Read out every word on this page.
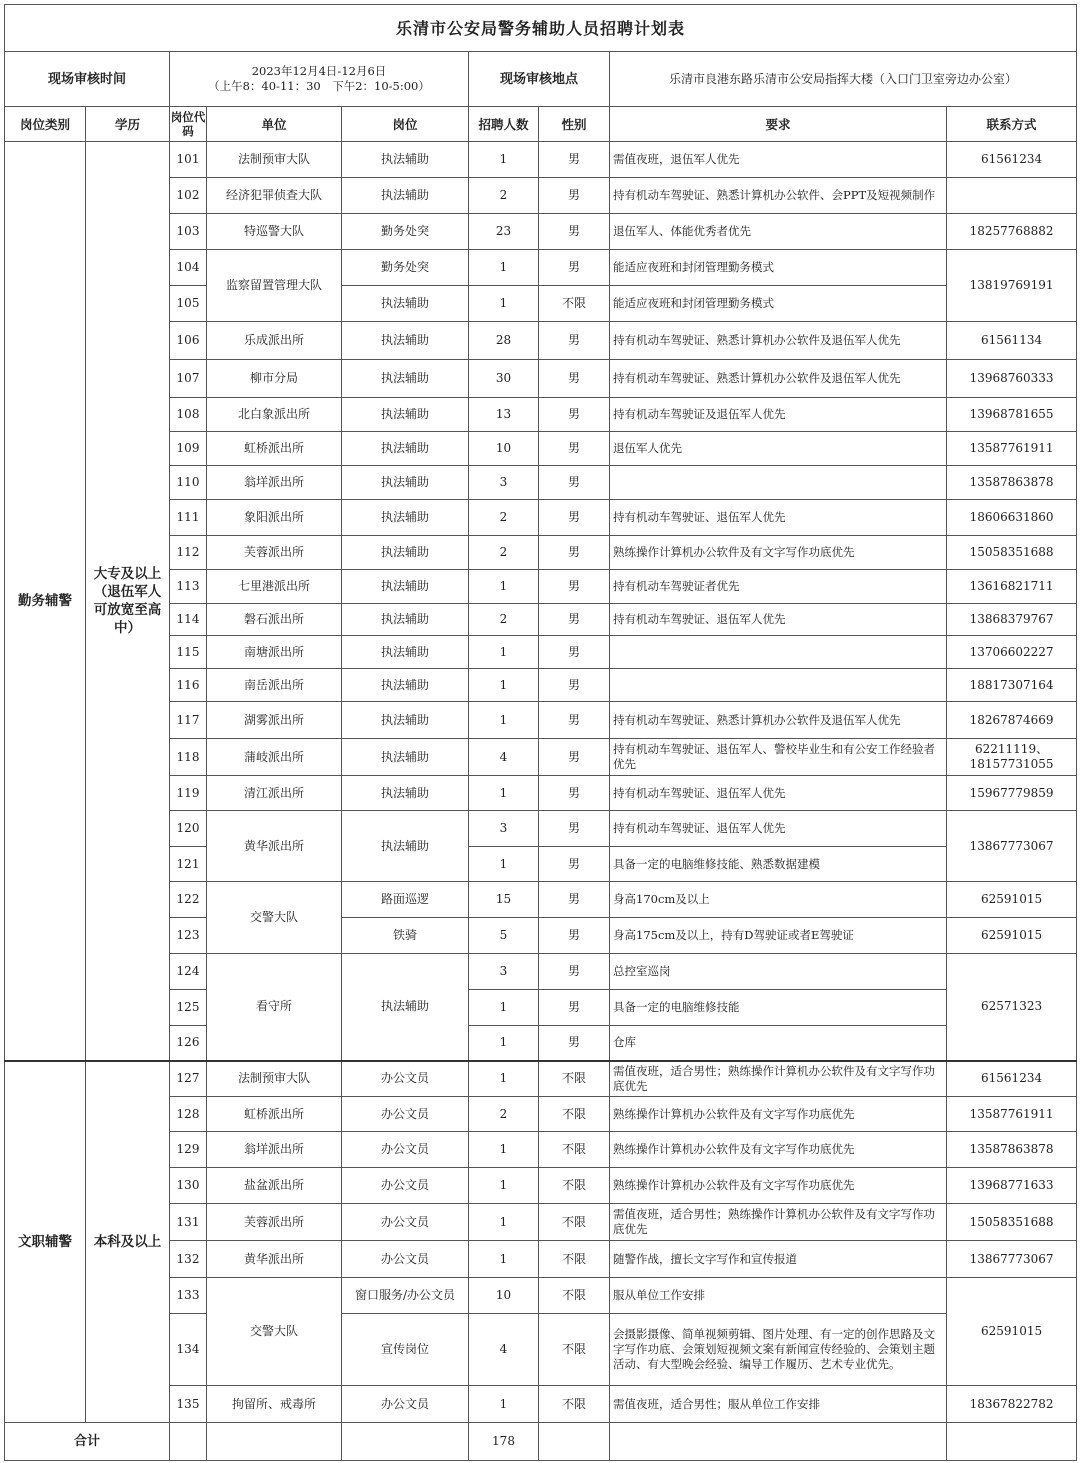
乐清市公安局警务辅助人员招聘计划表								
现场审核时间		2023年12月4日-12月6日
（上午8：40-11：30　下午2：10-5:00）			现场审核地点		乐清市良港东路乐清市公安局指挥大楼（入口门卫室旁边办公室）	
岗位类别	学历	岗位代码	单位	岗位	招聘人数	性别	要求	联系方式
勤务辅警	大专及以上（退伍军人可放宽至高中）	101	法制预审大队	执法辅助	1	男	需值夜班，退伍军人优先	61561234
		102	经济犯罪侦查大队	执法辅助	2	男	持有机动车驾驶证、熟悉计算机办公软件、会PPT及短视频制作	
		103	特巡警大队	勤务处突	23	男	退伍军人、体能优秀者优先	18257768882
		104	监察留置管理大队	勤务处突	1	男	能适应夜班和封闭管理勤务模式	13819769191
		105		执法辅助	1	不限	能适应夜班和封闭管理勤务模式	
		106	乐成派出所	执法辅助	28	男	持有机动车驾驶证、熟悉计算机办公软件及退伍军人优先	61561134
		107	柳市分局	执法辅助	30	男	持有机动车驾驶证、熟悉计算机办公软件及退伍军人优先	13968760333
		108	北白象派出所	执法辅助	13	男	持有机动车驾驶证及退伍军人优先	13968781655
		109	虹桥派出所	执法辅助	10	男	退伍军人优先	13587761911
		110	翁垟派出所	执法辅助	3	男		13587863878
		111	象阳派出所	执法辅助	2	男	持有机动车驾驶证、退伍军人优先	18606631860
		112	芙蓉派出所	执法辅助	2	男	熟练操作计算机办公软件及有文字写作功底优先	15058351688
		113	七里港派出所	执法辅助	1	男	持有机动车驾驶证者优先	13616821711
		114	磐石派出所	执法辅助	2	男	持有机动车驾驶证、退伍军人优先	13868379767
		115	南塘派出所	执法辅助	1	男		13706602227
		116	南岳派出所	执法辅助	1	男		18817307164
		117	湖雾派出所	执法辅助	1	男	持有机动车驾驶证、熟悉计算机办公软件及退伍军人优先	18267874669
		118	蒲岐派出所	执法辅助	4	男	持有机动车驾驶证、退伍军人、警校毕业生和有公安工作经验者优先	62211119、18157731055
		119	清江派出所	执法辅助	1	男	持有机动车驾驶证、退伍军人优先	15967779859
		120	黄华派出所	执法辅助	3	男	持有机动车驾驶证、退伍军人优先	13867773067
		121			1	男	具备一定的电脑维修技能、熟悉数据建模	
		122	交警大队	路面巡逻	15	男	身高170cm及以上	62591015
		123		铁骑	5	男	身高175cm及以上，持有D驾驶证或者E驾驶证	62591015
		124	看守所	执法辅助	3	男	总控室巡岗	62571323
		125			1	男	具备一定的电脑维修技能	
		126			1	男	仓库	
文职辅警	本科及以上	127	法制预审大队	办公文员	1	不限	需值夜班，适合男性；熟练操作计算机办公软件及有文字写作功底优先	61561234
		128	虹桥派出所	办公文员	2	不限	熟练操作计算机办公软件及有文字写作功底优先	13587761911
		129	翁垟派出所	办公文员	1	不限	熟练操作计算机办公软件及有文字写作功底优先	13587863878
		130	盐盆派出所	办公文员	1	不限	熟练操作计算机办公软件及有文字写作功底优先	13968771633
		131	芙蓉派出所	办公文员	1	不限	需值夜班，适合男性；熟练操作计算机办公软件及有文字写作功底优先	15058351688
		132	黄华派出所	办公文员	1	不限	随警作战，擅长文字写作和宣传报道	13867773067
		133	交警大队	窗口服务/办公文员	10	不限	服从单位工作安排	62591015
		134		宣传岗位	4	不限	会摄影摄像、简单视频剪辑、图片处理、有一定的创作思路及文字写作功底、会策划短视频文案有新闻宣传经验的、会策划主题活动、有大型晚会经验、编导工作履历、艺术专业优先。	
		135	拘留所、戒毒所	办公文员	1	不限	需值夜班，适合男性；服从单位工作安排	18367822782
合计					178			
